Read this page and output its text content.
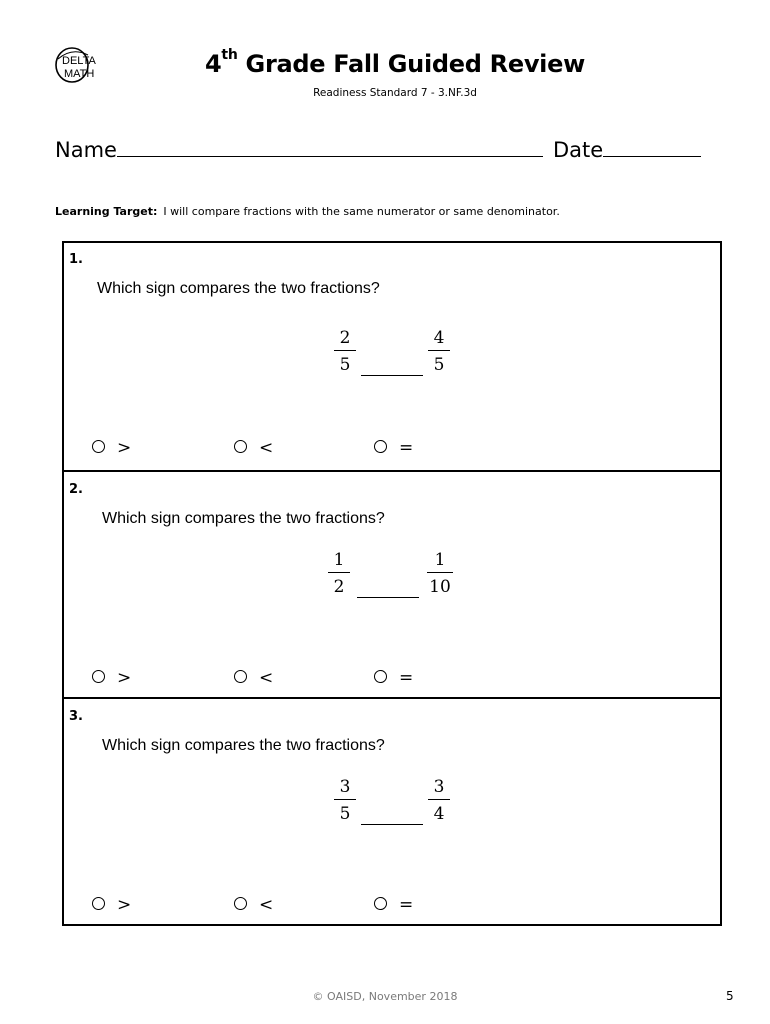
DELTA
MATH	4th Grade Fall Guided Review
Readiness Standard 7 - 3.NF.3d
Name	Date
Learning Target: I will compare fractions with the same numerator or same denominator.
1.
Which sign compares the two fractions?
$\frac{2}{5}$	$\frac{4}{5}$
>	<	=
2.
Which sign compares the two fractions?
$\frac{1}{2}$	$\frac{1}{10}$
>	<	=
3.
Which sign compares the two fractions?
$\frac{3}{5}$	$\frac{3}{4}$
>	<	=
© OAISD, November 2018	5
